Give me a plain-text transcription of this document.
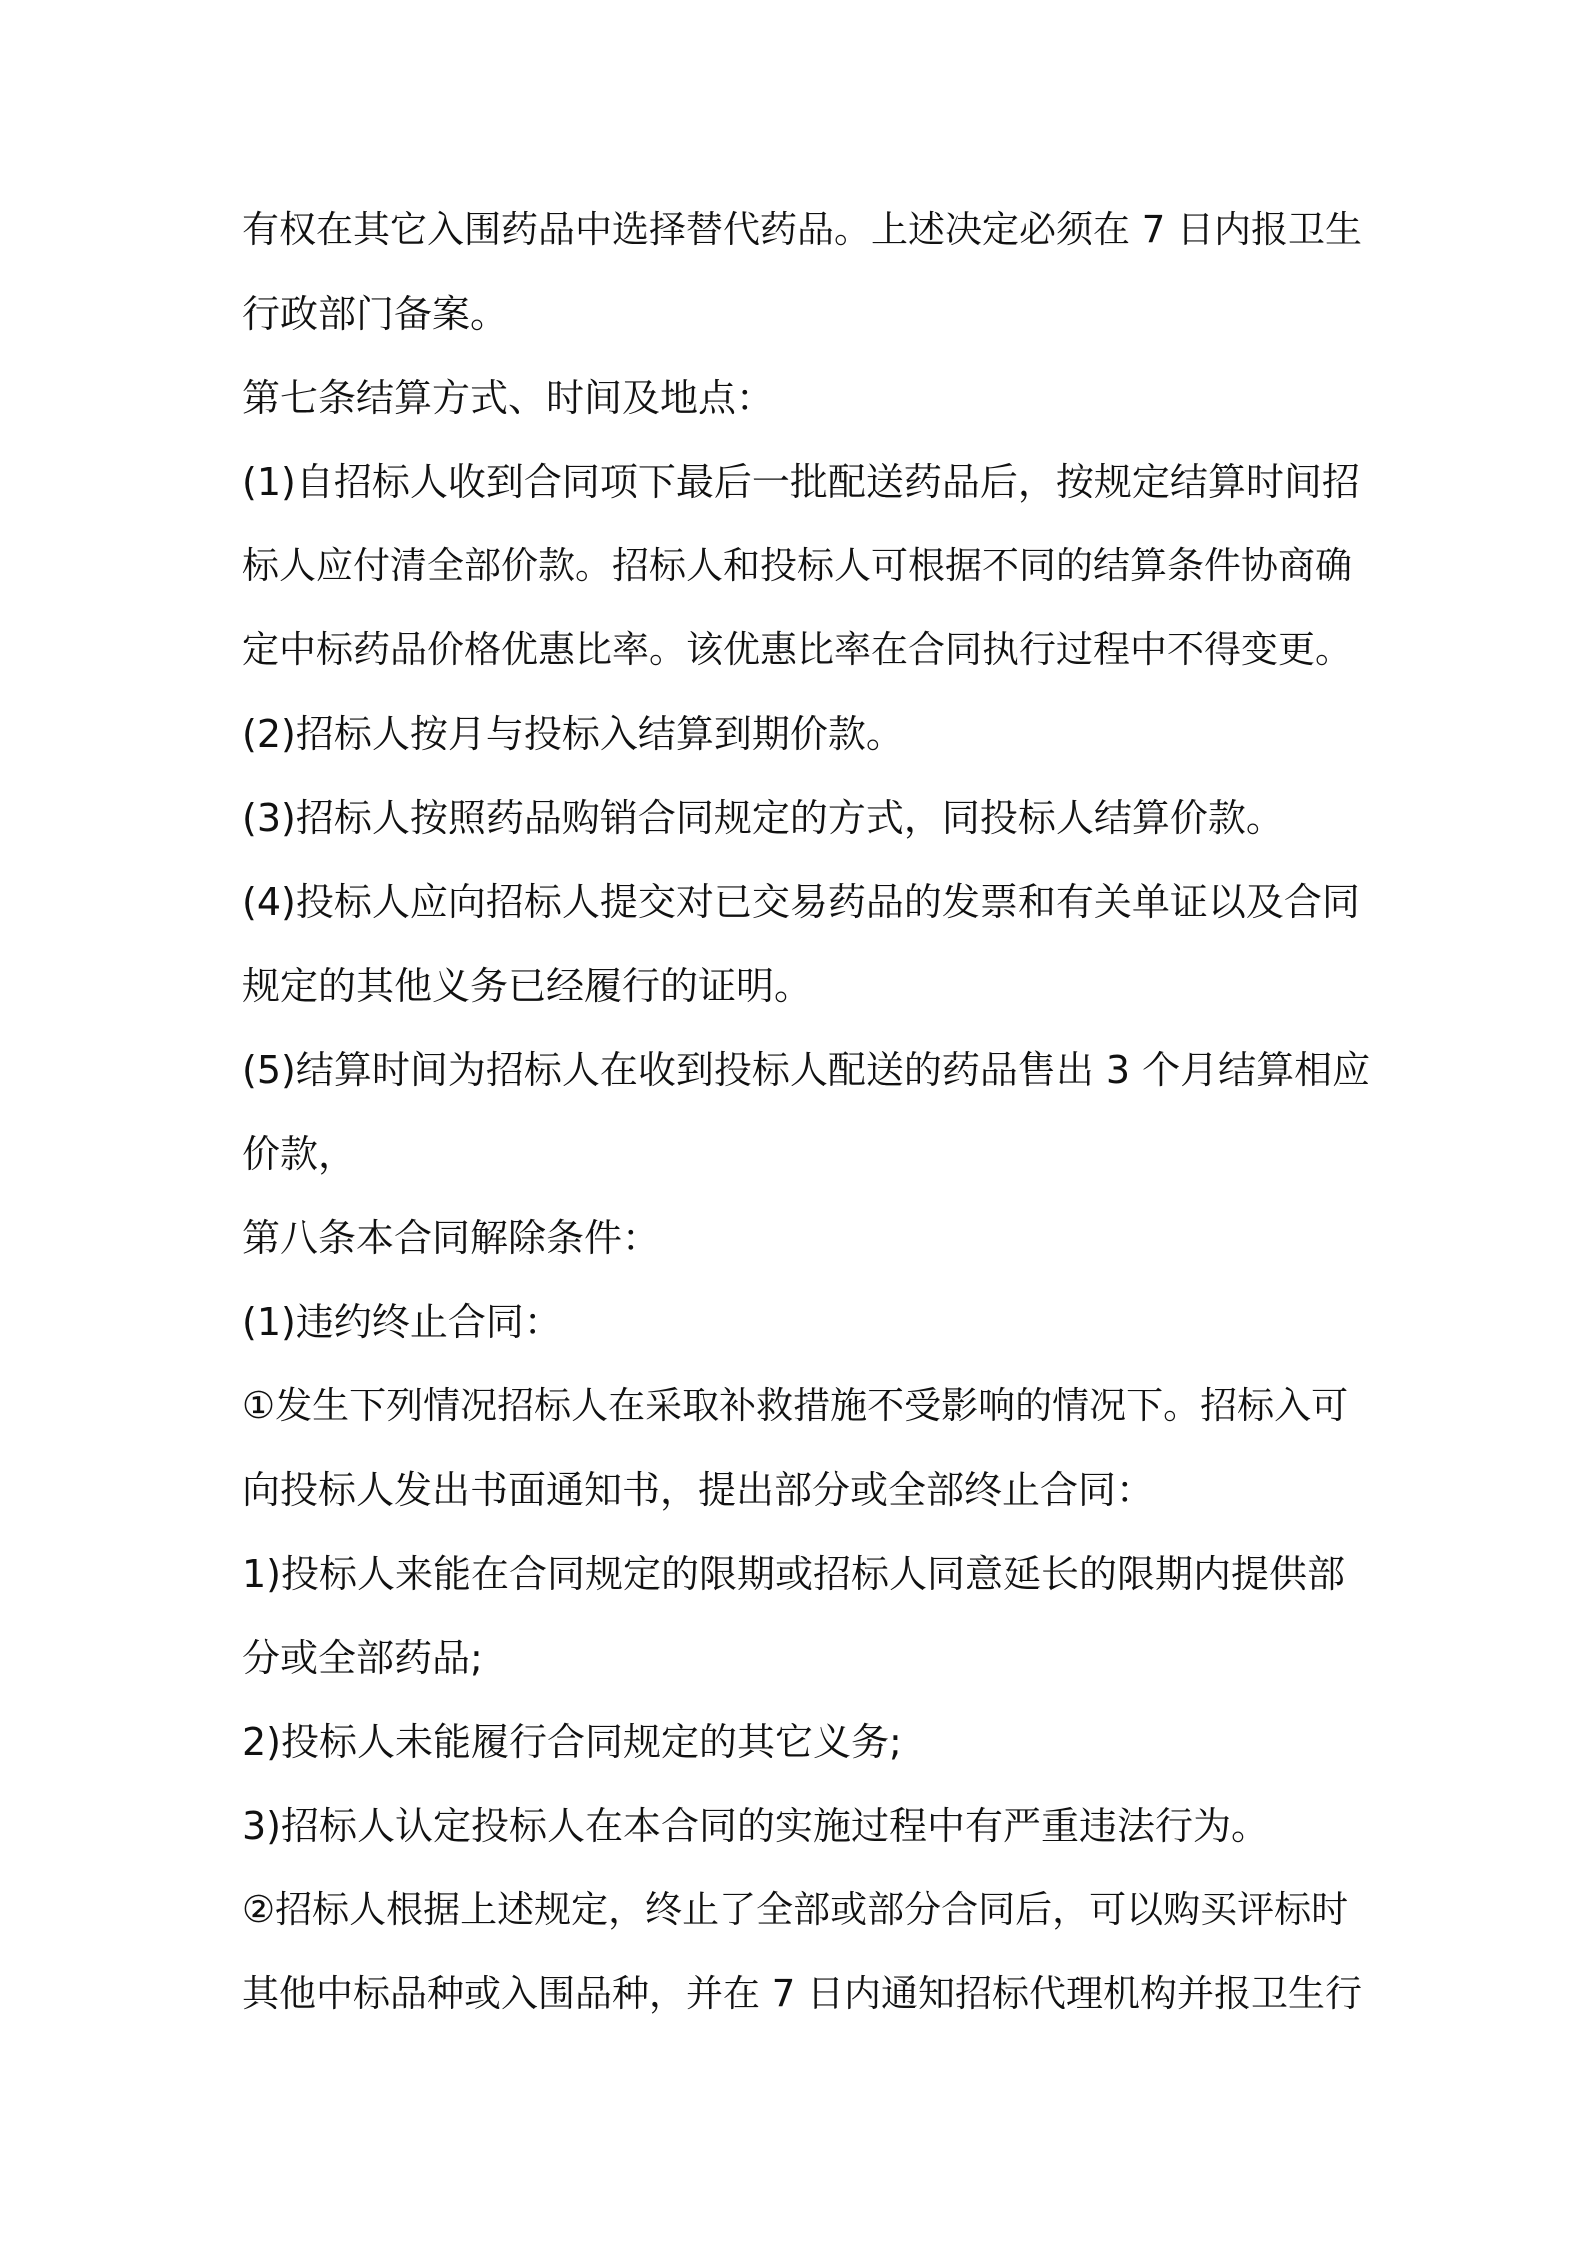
有权在其它入围药品中选择替代药品。上述决定必须在 7 日内报卫生
行政部门备案。
第七条结算方式、时间及地点：
(1)自招标人收到合同项下最后一批配送药品后，按规定结算时间招
标人应付清全部价款。招标人和投标人可根据不同的结算条件协商确
定中标药品价格优惠比率。该优惠比率在合同执行过程中不得变更。
(2)招标人按月与投标入结算到期价款。
(3)招标人按照药品购销合同规定的方式，同投标人结算价款。
(4)投标人应向招标人提交对已交易药品的发票和有关单证以及合同
规定的其他义务已经履行的证明。
(5)结算时间为招标人在收到投标人配送的药品售出 3 个月结算相应
价款，
第八条本合同解除条件：
(1)违约终止合同：
①发生下列情况招标人在采取补救措施不受影响的情况下。招标入可
向投标人发出书面通知书，提出部分或全部终止合同：
1)投标人来能在合同规定的限期或招标人同意延长的限期内提供部
分或全部药品;
2)投标人未能履行合同规定的其它义务;
3)招标人认定投标人在本合同的实施过程中有严重违法行为。
②招标人根据上述规定，终止了全部或部分合同后，可以购买评标时
其他中标品种或入围品种，并在 7 日内通知招标代理机构并报卫生行
